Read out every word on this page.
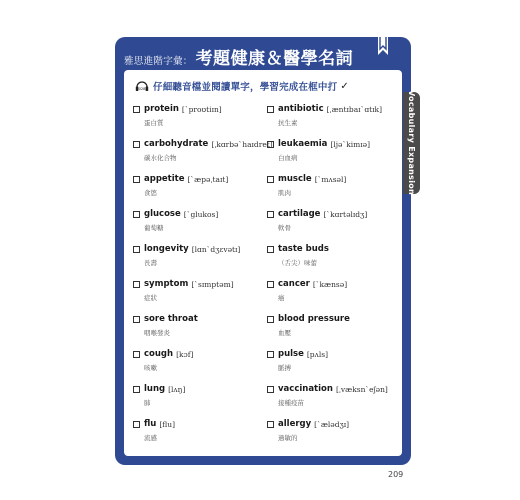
雅思進階字彙： 考題健康＆醫學名詞
Vocabulary Expansion
028 仔細聽音檔並閱讀單字，學習完成在框中打 ✓
protein [ˋproʊtiɪn]
蛋白質
carbohydrate [ˌkɑrbəˋhaɪdret]
碳水化合物
appetite [ˋæpəˌtaɪt]
食慾
glucose [ˋglukos]
葡萄糖
longevity [lɑnˋdʒɛvətɪ]
長壽
symptom [ˋsɪmptəm]
症狀
sore throat
咽喉發炎
cough [kɔf]
咳嗽
lung [lʌŋ]
肺
flu [flu]
流感
antibiotic [ˌæntɪbaɪˋɑtɪk]
抗生素
leukaemia [ljəˋkimɪə]
白血病
muscle [ˋmʌsəl]
肌肉
cartilage [ˋkɑrtəlɪdʒ]
軟骨
taste buds
（舌尖）味蕾
cancer [ˋkænsə]
癌
blood pressure
血壓
pulse [pʌls]
脈搏
vaccination [ˌvæksnˋeʃən]
接種疫苗
allergy [ˋælədʒɪ]
過敏的
209
